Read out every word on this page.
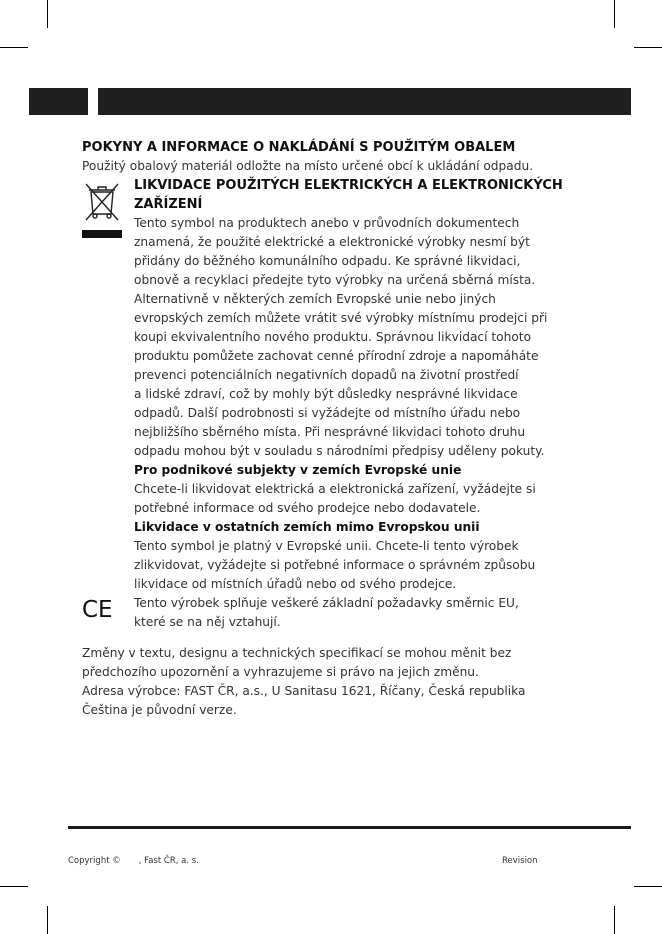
POKYNY A INFORMACE O NAKLÁDÁNÍ S POUŽITÝM OBALEM
Použitý obalový materiál odložte na místo určené obcí k ukládání odpadu.
LIKVIDACE POUŽITÝCH ELEKTRICKÝCH A ELEKTRONICKÝCH
ZAŘÍZENÍ
Tento symbol na produktech anebo v průvodních dokumentech
znamená, že použité elektrické a elektronické výrobky nesmí být
přidány do běžného komunálního odpadu. Ke správné likvidaci,
obnově a recyklaci předejte tyto výrobky na určená sběrná místa.
Alternativně v některých zemích Evropské unie nebo jiných
evropských zemích můžete vrátit své výrobky místnímu prodejci při
koupi ekvivalentního nového produktu. Správnou likvidací tohoto
produktu pomůžete zachovat cenné přírodní zdroje a napomáháte
prevenci potenciálních negativních dopadů na životní prostředí
a lidské zdraví, což by mohly být důsledky nesprávné likvidace
odpadů. Další podrobnosti si vyžádejte od místního úřadu nebo
nejbližšího sběrného místa. Při nesprávné likvidaci tohoto druhu
odpadu mohou být v souladu s národními předpisy uděleny pokuty.
Pro podnikové subjekty v zemích Evropské unie
Chcete-li likvidovat elektrická a elektronická zařízení, vyžádejte si
potřebné informace od svého prodejce nebo dodavatele.
Likvidace v ostatních zemích mimo Evropskou unii
Tento symbol je platný v Evropské unii. Chcete-li tento výrobek
zlikvidovat, vyžádejte si potřebné informace o správném způsobu
likvidace od místních úřadů nebo od svého prodejce.
CE Tento výrobek splňuje veškeré základní požadavky směrnic EU,
které se na něj vztahují.
Změny v textu, designu a technických specifikací se mohou měnit bez
předchozího upozornění a vyhrazujeme si právo na jejich změnu.
Adresa výrobce: FAST ČR, a.s., U Sanitasu 1621, Říčany, Česká republika
Čeština je původní verze.
Copyright © , Fast ČR, a. s.	Revision
